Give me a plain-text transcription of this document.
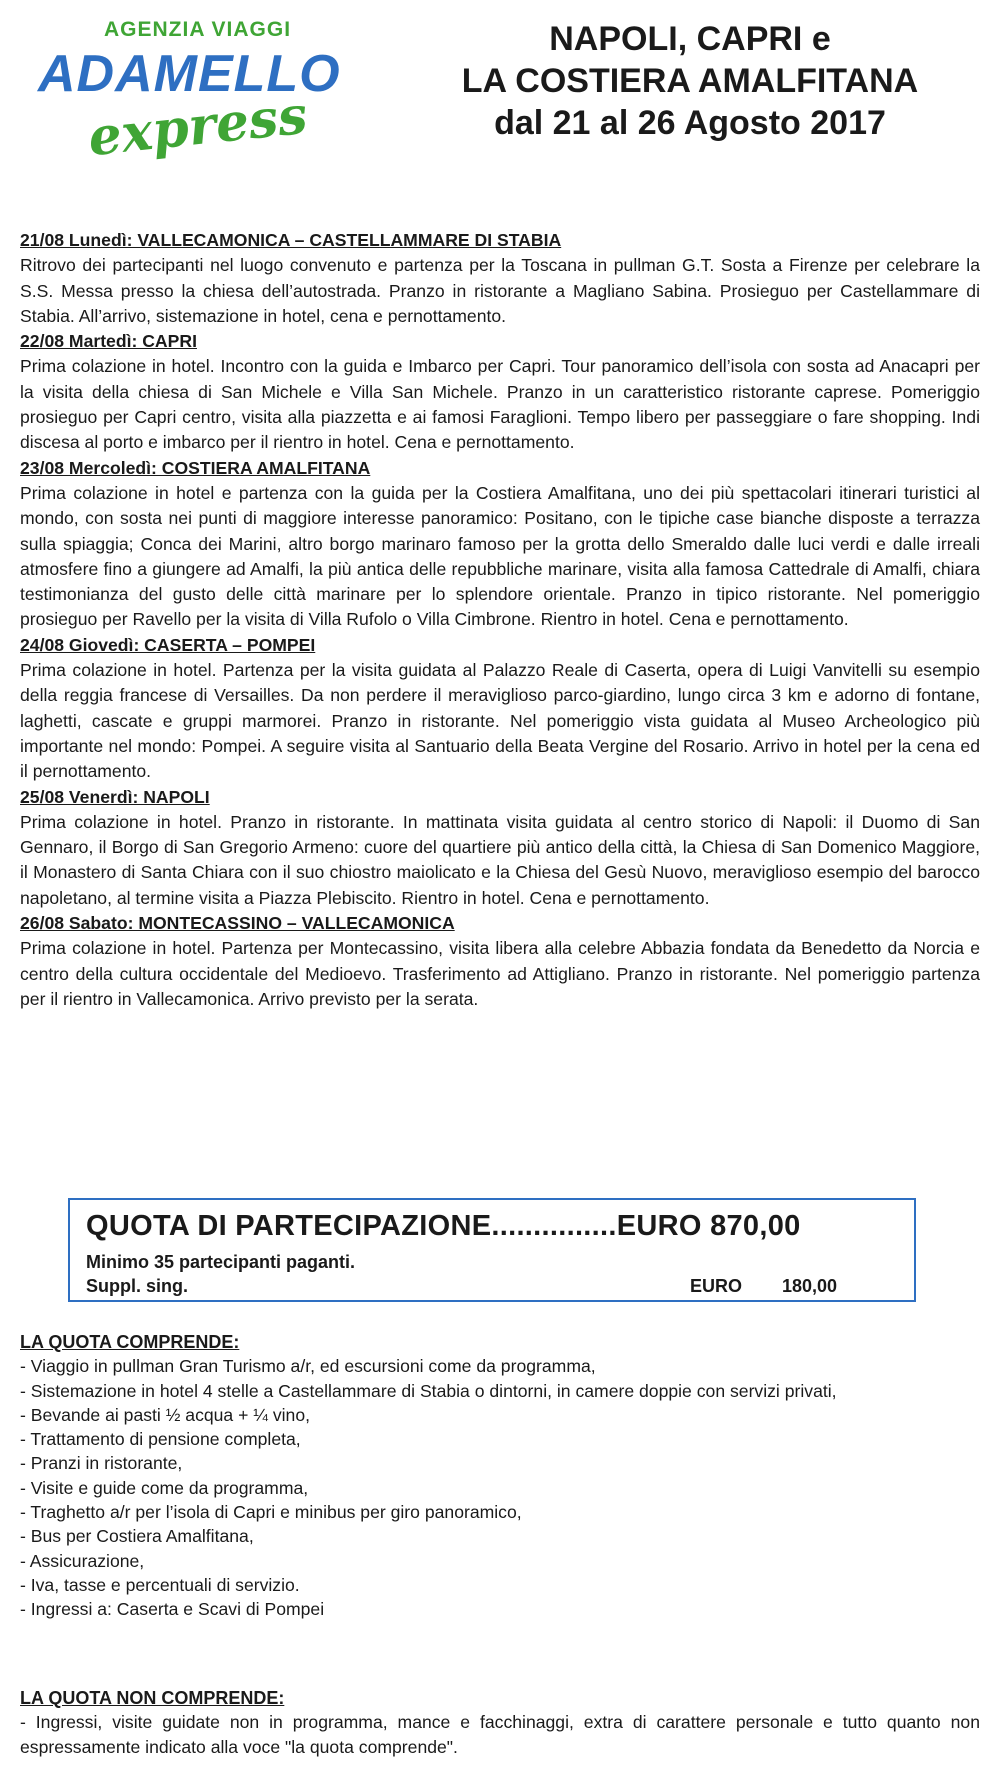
AGENZIA VIAGGI
ADAMELLO
express
NAPOLI, CAPRI e
LA COSTIERA AMALFITANA
dal 21 al 26 Agosto 2017
21/08 Lunedì: VALLECAMONICA – CASTELLAMMARE DI STABIA
Ritrovo dei partecipanti nel luogo convenuto e partenza per la Toscana in pullman G.T. Sosta a Firenze per celebrare la S.S. Messa presso la chiesa dell’autostrada. Pranzo in ristorante a Magliano Sabina. Prosieguo per Castellammare di Stabia. All’arrivo, sistemazione in hotel, cena e pernottamento.
22/08 Martedì: CAPRI
Prima colazione in hotel. Incontro con la guida e Imbarco per Capri. Tour panoramico dell’isola con sosta ad Anacapri per la visita della chiesa di San Michele e Villa San Michele. Pranzo in un caratteristico ristorante caprese. Pomeriggio prosieguo per Capri centro, visita alla piazzetta e ai famosi Faraglioni. Tempo libero per passeggiare o fare shopping. Indi discesa al porto e imbarco per il rientro in hotel. Cena e pernottamento.
23/08 Mercoledì: COSTIERA AMALFITANA
Prima colazione in hotel e partenza con la guida per la Costiera Amalfitana, uno dei più spettacolari itinerari turistici al mondo, con sosta nei punti di maggiore interesse panoramico: Positano, con le tipiche case bianche disposte a terrazza sulla spiaggia; Conca dei Marini, altro borgo marinaro famoso per la grotta dello Smeraldo dalle luci verdi e dalle irreali atmosfere fino a giungere ad Amalfi, la più antica delle repubbliche marinare, visita alla famosa Cattedrale di Amalfi, chiara testimonianza del gusto delle città marinare per lo splendore orientale. Pranzo in tipico ristorante. Nel pomeriggio prosieguo per Ravello per la visita di Villa Rufolo o Villa Cimbrone. Rientro in hotel. Cena e pernottamento.
24/08 Giovedì: CASERTA – POMPEI
Prima colazione in hotel. Partenza per la visita guidata al Palazzo Reale di Caserta, opera di Luigi Vanvitelli su esempio della reggia francese di Versailles. Da non perdere il meraviglioso parco-giardino, lungo circa 3 km e adorno di fontane, laghetti, cascate e gruppi marmorei. Pranzo in ristorante. Nel pomeriggio vista guidata al Museo Archeologico più importante nel mondo: Pompei. A seguire visita al Santuario della Beata Vergine del Rosario. Arrivo in hotel per la cena ed il pernottamento.
25/08 Venerdì: NAPOLI
Prima colazione in hotel. Pranzo in ristorante. In mattinata visita guidata al centro storico di Napoli: il Duomo di San Gennaro, il Borgo di San Gregorio Armeno: cuore del quartiere più antico della città, la Chiesa di San Domenico Maggiore, il Monastero di Santa Chiara con il suo chiostro maiolicato e la Chiesa del Gesù Nuovo, meraviglioso esempio del barocco napoletano, al termine visita a Piazza Plebiscito. Rientro in hotel. Cena e pernottamento.
26/08 Sabato: MONTECASSINO – VALLECAMONICA
Prima colazione in hotel. Partenza per Montecassino, visita libera alla celebre Abbazia fondata da Benedetto da Norcia e centro della cultura occidentale del Medioevo. Trasferimento ad Attigliano. Pranzo in ristorante. Nel pomeriggio partenza per il rientro in Vallecamonica. Arrivo previsto per la serata.
QUOTA DI PARTECIPAZIONE...............EURO 870,00
Minimo 35 partecipanti paganti.
Suppl. sing.	EURO 180,00
LA QUOTA COMPRENDE:
- Viaggio in pullman Gran Turismo a/r, ed escursioni come da programma,
- Sistemazione in hotel 4 stelle a Castellammare di Stabia o dintorni, in camere doppie con servizi privati,
- Bevande ai pasti ½ acqua + ¼ vino,
- Trattamento di pensione completa,
- Pranzi in ristorante,
- Visite e guide come da programma,
- Traghetto a/r per l’isola di Capri e minibus per giro panoramico,
- Bus per Costiera Amalfitana,
- Assicurazione,
- Iva, tasse e percentuali di servizio.
- Ingressi a: Caserta e Scavi di Pompei
LA QUOTA NON COMPRENDE:
- Ingressi, visite guidate non in programma, mance e facchinaggi, extra di carattere personale e tutto quanto non espressamente indicato alla voce "la quota comprende".
